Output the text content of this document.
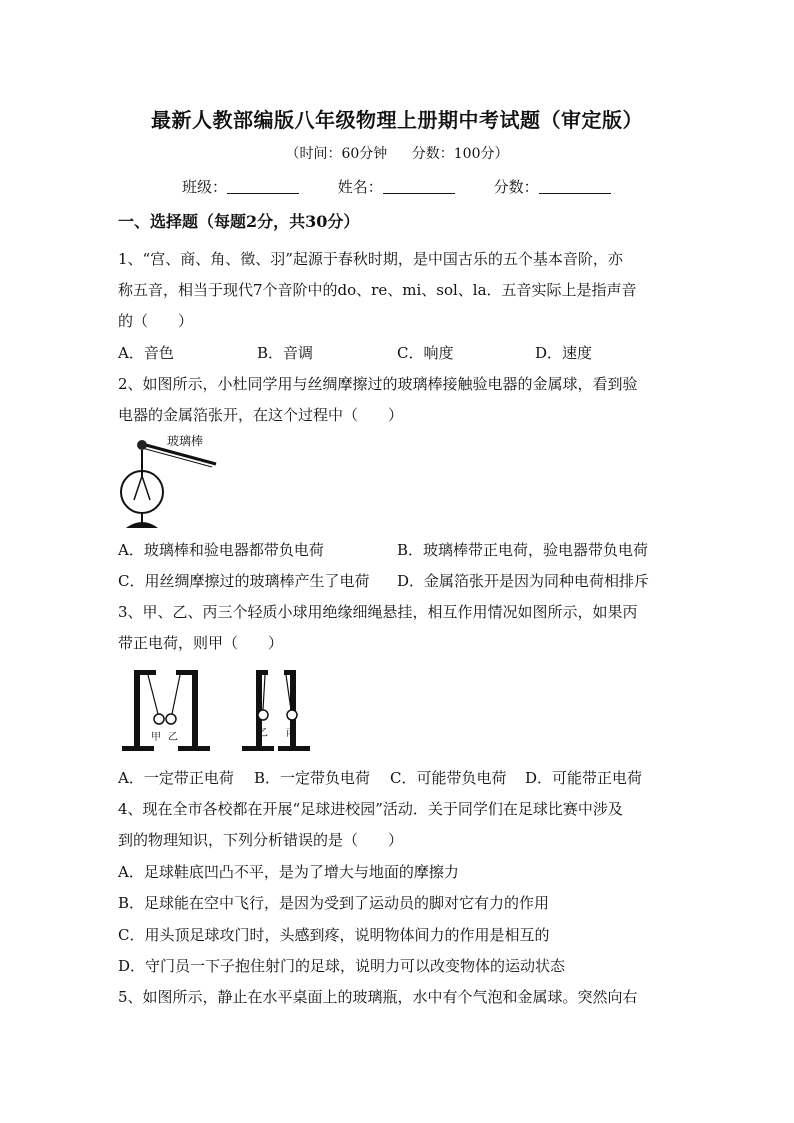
最新人教部编版八年级物理上册期中考试题（审定版）
（时间：60分钟 分数：100分）
班级：	姓名：	分数：
一、选择题（每题2分，共30分）
1、“宫、商、角、徵、羽”起源于春秋时期，是中国古乐的五个基本音阶，亦
称五音，相当于现代7个音阶中的do、re、mi、sol、la．五音实际上是指声音
的（　　）
A．音色	B．音调	C．响度	D．速度
2、如图所示，小杜同学用与丝绸摩擦过的玻璃棒接触验电器的金属球，看到验
电器的金属箔张开，在这个过程中（　　）
玻璃棒
A．玻璃棒和验电器都带负电荷	B．玻璃棒带正电荷，验电器带负电荷
C．用丝绸摩擦过的玻璃棒产生了电荷 D．金属箔张开是因为同种电荷相排斥
3、甲、乙、丙三个轻质小球用绝缘细绳悬挂，相互作用情况如图所示，如果丙
带正电荷，则甲（　　）
甲 乙	乙 丙
A．一定带正电荷 B．一定带负电荷 C．可能带负电荷 D．可能带正电荷
4、现在全市各校都在开展“足球进校园”活动．关于同学们在足球比赛中涉及
到的物理知识，下列分析错误的是（　　）
A．足球鞋底凹凸不平，是为了增大与地面的摩擦力
B．足球能在空中飞行，是因为受到了运动员的脚对它有力的作用
C．用头顶足球攻门时，头感到疼，说明物体间力的作用是相互的
D．守门员一下子抱住射门的足球，说明力可以改变物体的运动状态
5、如图所示，静止在水平桌面上的玻璃瓶，水中有个气泡和金属球。突然向右
